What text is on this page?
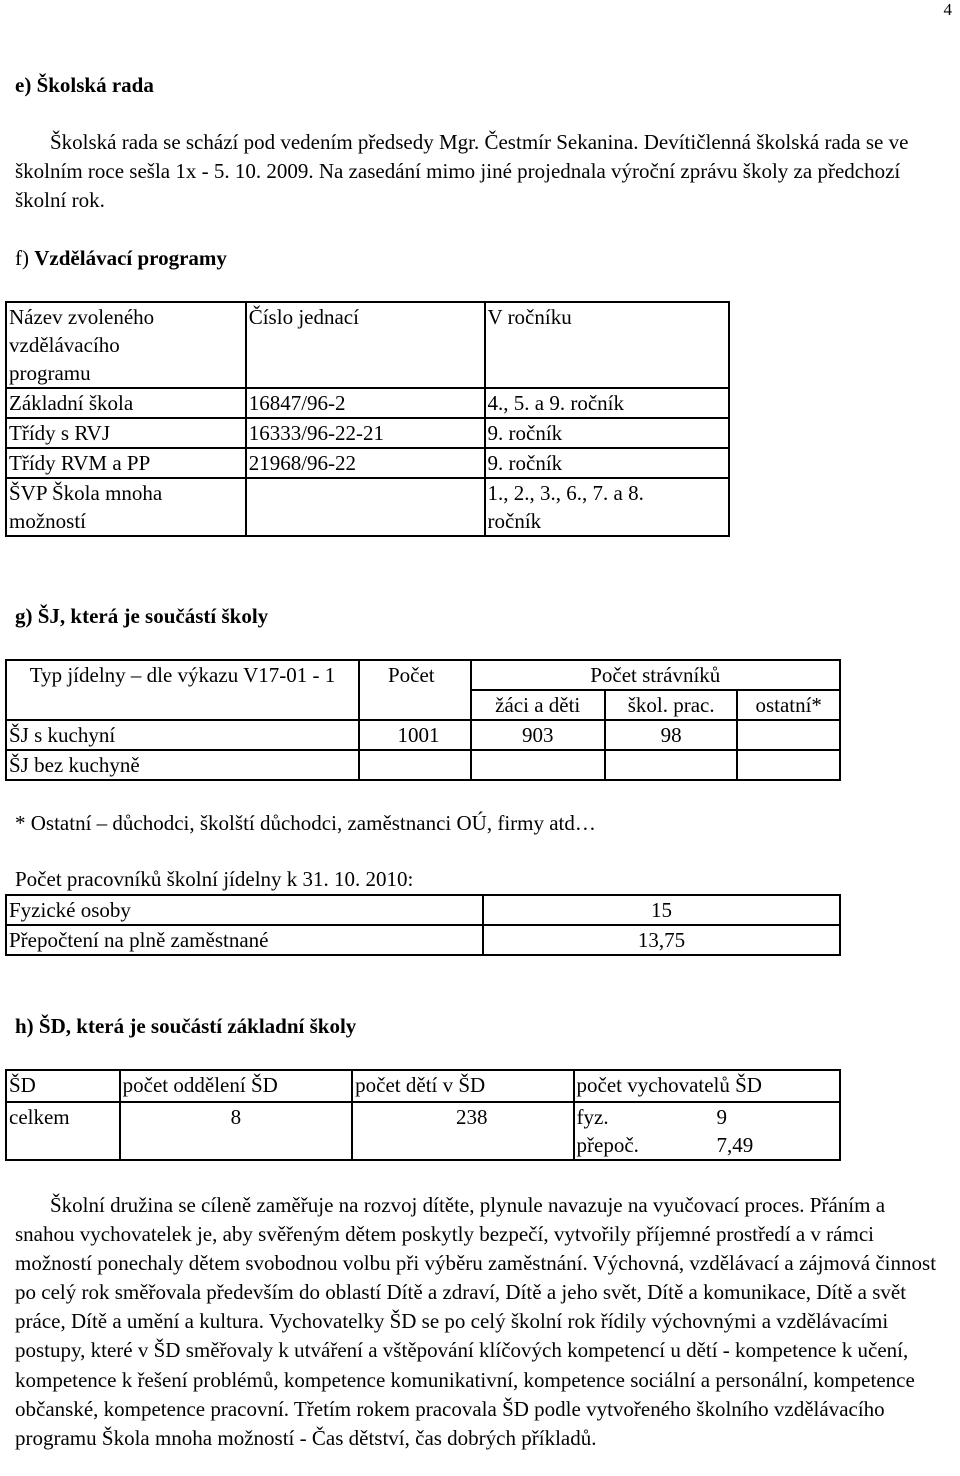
4
e) Školská rada
Školská rada se schází pod vedením předsedy Mgr. Čestmír Sekanina. Devítičlenná školská rada se ve školním roce sešla 1x - 5. 10. 2009. Na zasedání mimo jiné projednala výroční zprávu školy za předchozí školní rok.
f) Vzdělávací programy
Název zvoleného vzdělávacího programu	Číslo jednací	V ročníku
Základní škola	16847/96-2	4., 5. a 9. ročník
Třídy s RVJ	16333/96-22-21	9. ročník
Třídy RVM a PP	21968/96-22	9. ročník

ŠVP Škola mnoha možností		1., 2., 3., 6., 7. a 8. ročník
g) ŠJ, která je součástí školy
Typ jídelny – dle výkazu V17-01 - 1	Počet	Počet strávníků		
		žáci a děti	škol. prac.	ostatní*
ŠJ s kuchyní	1001	903	98	
ŠJ bez kuchyně				
* Ostatní – důchodci, školští důchodci, zaměstnanci OÚ, firmy atd…
Počet pracovníků školní jídelny k 31. 10. 2010:
Fyzické osoby	15
Přepočtení na plně zaměstnané	13,75
h) ŠD, která je součástí základní školy
ŠD	počet oddělení ŠD	počet dětí v ŠD	počet vychovatelů ŠD
celkem	8	238	fyz. 9
přepoč. 7,49
Školní družina se cíleně zaměřuje na rozvoj dítěte, plynule navazuje na vyučovací proces. Přáním a snahou vychovatelek je, aby svěřeným dětem poskytly bezpečí, vytvořily příjemné prostředí a v rámci možností ponechaly dětem svobodnou volbu při výběru zaměstnání. Výchovná, vzdělávací a zájmová činnost po celý rok směřovala především do oblastí Dítě a zdraví, Dítě a jeho svět, Dítě a komunikace, Dítě a svět práce, Dítě a umění a kultura. Vychovatelky ŠD se po celý školní rok řídily výchovnými a vzdělávacími postupy, které v ŠD směřovaly k utváření a vštěpování klíčových kompetencí u dětí - kompetence k učení, kompetence k řešení problémů, kompetence komunikativní, kompetence sociální a personální, kompetence občanské, kompetence pracovní. Třetím rokem pracovala ŠD podle vytvořeného školního vzdělávacího programu Škola mnoha možností - Čas dětství, čas dobrých příkladů.
